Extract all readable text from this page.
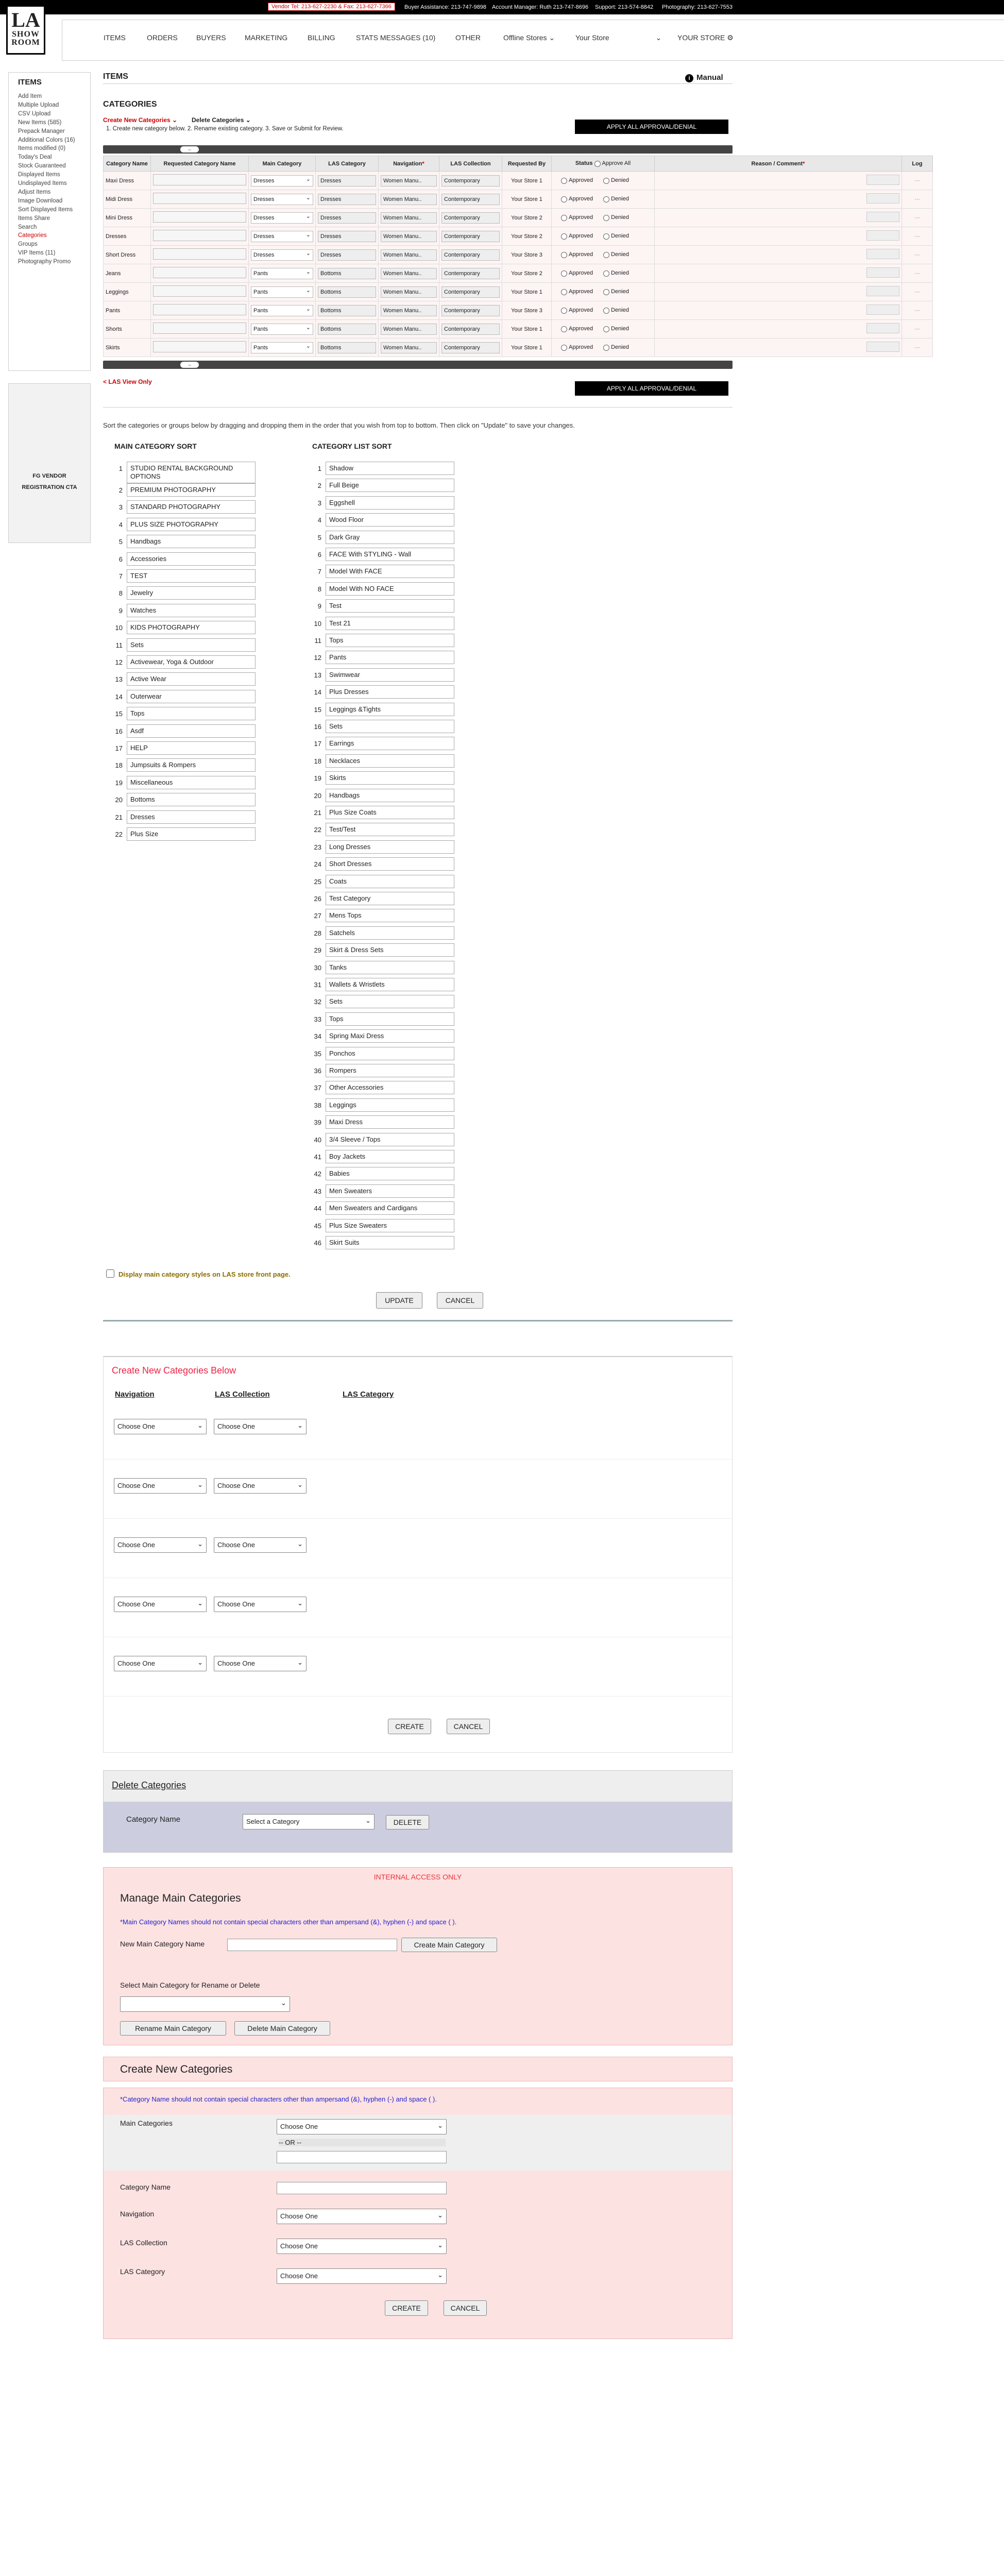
Vendor Tel: 213-627-2230 & Fax: 213-627-7366	Buyer Assistance: 213-747-9898 Account Manager: Ruth 213-747-8696 Support: 213-574-8842 Photography: 213-627-7553
LA
SHOW
ROOM
ITEMS	ORDERS	BUYERS	MARKETING	BILLING	STATS MESSAGES (10)	OTHER	Offline Stores ⌄	Your Store	⌄ YOUR STORE ⚙
ITEMS
Add Item
Multiple Upload
CSV Upload
New Items (585)
Prepack Manager
Additional Colors (16)
Items modified (0)
Today's Deal
Stock Guaranteed
Displayed Items
Undisplayed Items
Adjust Items
Image Download
Sort Displayed Items
Items Share
Search
Categories
Groups
VIP Items (11)
Photography Promo
FG VENDOR REGISTRATION CTA
ITEMS	i Manual
CATEGORIES
Create New Categories ⌄ Delete Categories ⌄
1. Create new category below. 2. Rename existing category. 3. Save or Submit for Review.	APPLY ALL APPROVAL/DENIAL
⇔
Category Name	Requested Category Name	Main Category	LAS Category	Navigation*	LAS Collection	Requested By	Status Approve All	Reason / Comment*	Log
Maxi Dress		Dresses ⌄	Dresses	Women Manu..	Contemporary	Your Store 1	Approved Denied		⋯
Midi Dress		Dresses ⌄	Dresses	Women Manu..	Contemporary	Your Store 1	Approved Denied		⋯
Mini Dress		Dresses ⌄	Dresses	Women Manu..	Contemporary	Your Store 2	Approved Denied		⋯
Dresses		Dresses ⌄	Dresses	Women Manu..	Contemporary	Your Store 2	Approved Denied		⋯
Short Dress		Dresses ⌄	Dresses	Women Manu..	Contemporary	Your Store 3	Approved Denied		⋯
Jeans		Pants ⌄	Bottoms	Women Manu..	Contemporary	Your Store 2	Approved Denied		⋯
Leggings		Pants ⌄	Bottoms	Women Manu..	Contemporary	Your Store 1	Approved Denied		⋯
Pants		Pants ⌄	Bottoms	Women Manu..	Contemporary	Your Store 3	Approved Denied		⋯
Shorts		Pants ⌄	Bottoms	Women Manu..	Contemporary	Your Store 1	Approved Denied		⋯
Skirts		Pants ⌄	Bottoms	Women Manu..	Contemporary	Your Store 1	Approved Denied		⋯
⇔
APPLY ALL APPROVAL/DENIAL
< LAS View Only
Sort the categories or groups below by dragging and dropping them in the order that you wish from top to bottom. Then click on "Update" to save your changes.
MAIN CATEGORY SORT	CATEGORY LIST SORT
1	STUDIO RENTAL BACKGROUND OPTIONS
2	PREMIUM PHOTOGRAPHY
3	STANDARD PHOTOGRAPHY
4	PLUS SIZE PHOTOGRAPHY
5	Handbags
6	Accessories
7	TEST
8	Jewelry
9	Watches
10	KIDS PHOTOGRAPHY
11	Sets
12	Activewear, Yoga & Outdoor
13	Active Wear
14	Outerwear
15	Tops
16	Asdf
17	HELP
18	Jumpsuits & Rompers
19	Miscellaneous
20	Bottoms
21	Dresses
22	Plus Size
1	Shadow
2	Full Beige
3	Eggshell
4	Wood Floor
5	Dark Gray
6	FACE With STYLING - Wall
7	Model With FACE
8	Model With NO FACE
9	Test
10	Test 21
11	Tops
12	Pants
13	Swimwear
14	Plus Dresses
15	Leggings &Tights
16	Sets
17	Earrings
18	Necklaces
19	Skirts
20	Handbags
21	Plus Size Coats
22	Test/Test
23	Long Dresses
24	Short Dresses
25	Coats
26	Test Category
27	Mens Tops
28	Satchels
29	Skirt & Dress Sets
30	Tanks
31	Wallets & Wristlets
32	Sets
33	Tops
34	Spring Maxi Dress
35	Ponchos
36	Rompers
37	Other Accessories
38	Leggings
39	Maxi Dress
40	3/4 Sleeve / Tops
41	Boy Jackets
42	Babies
43	Men Sweaters
44	Men Sweaters and Cardigans
45	Plus Size Sweaters
46	Skirt Suits
Display main category styles on LAS store front page.
UPDATE	CANCEL
Create New Categories Below
Navigation	LAS Collection	LAS Category
Choose One ⌄	Choose One ⌄
Choose One ⌄	Choose One ⌄
Choose One ⌄	Choose One ⌄
Choose One ⌄	Choose One ⌄
Choose One ⌄	Choose One ⌄
CREATE	CANCEL
Delete Categories
Category Name	Select a Category ⌄	DELETE
INTERNAL ACCESS ONLY
Manage Main Categories
*Main Category Names should not contain special characters other than ampersand (&), hyphen (-) and space ( ).
New Main Category Name	Create Main Category
Select Main Category for Rename or Delete
⌄
Rename Main Category	Delete Main Category
Create New Categories
*Category Name should not contain special characters other than ampersand (&), hyphen (-) and space ( ).
Main Categories	Choose One ⌄
-- OR --
Category Name
Navigation	Choose One ⌄
LAS Collection	Choose One ⌄
LAS Category
Choose One ⌄
CREATE	CANCEL
